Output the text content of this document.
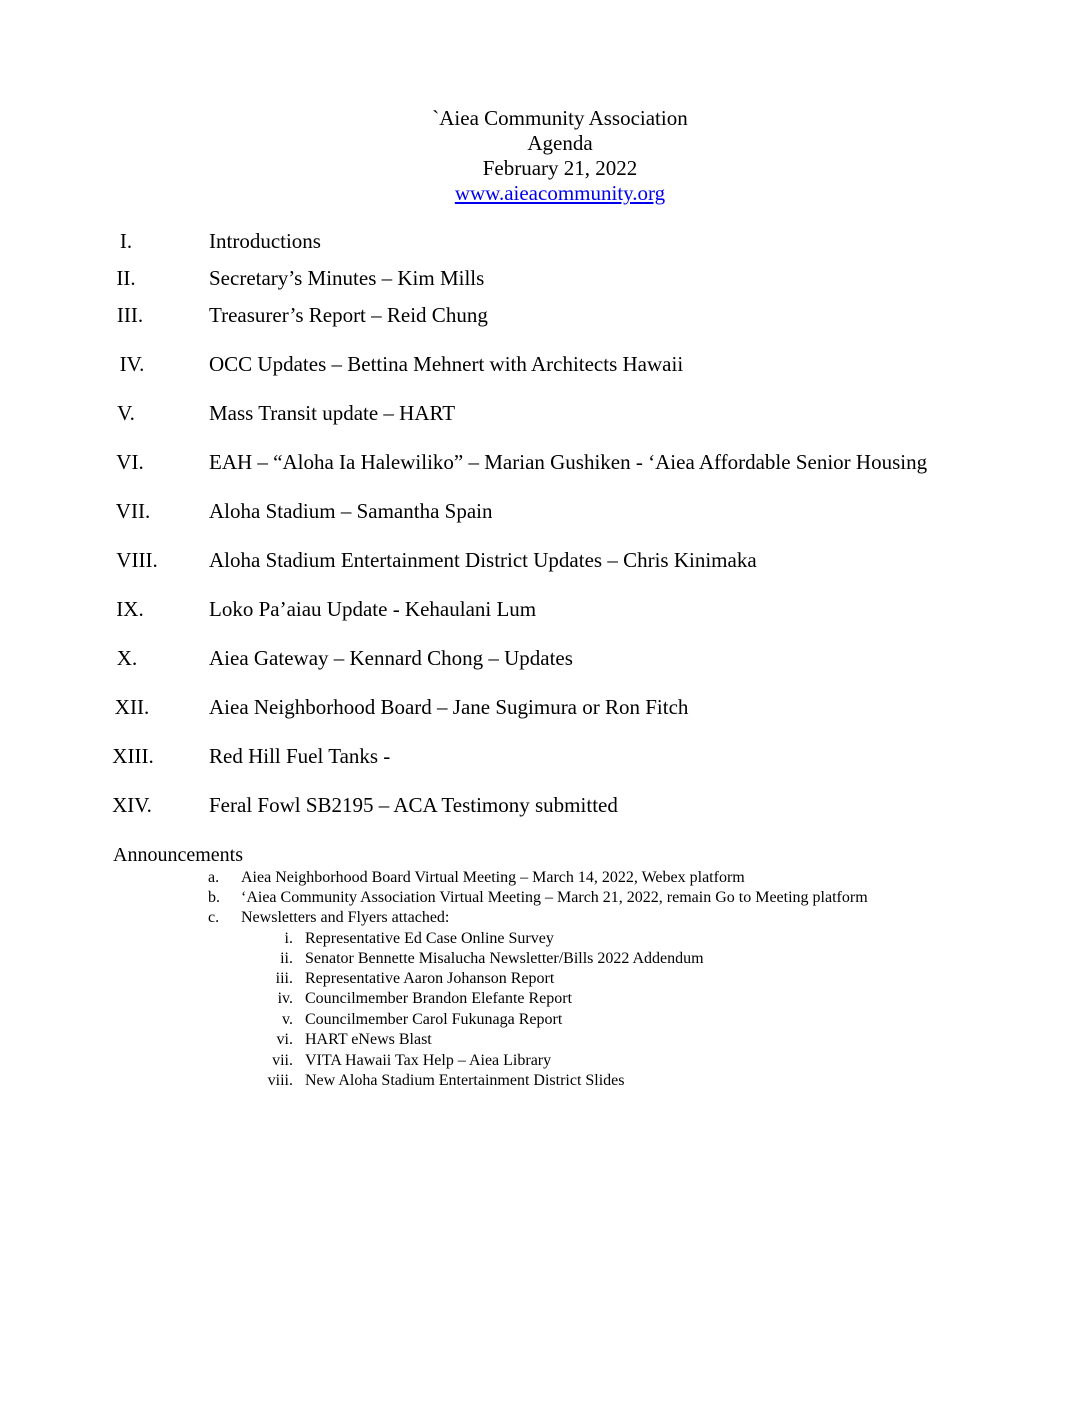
`Aiea Community Association
Agenda
February 21, 2022
www.aieacommunity.org
I.	Introductions
II.	Secretary’s Minutes – Kim Mills
III.	Treasurer’s Report – Reid Chung
IV.	OCC Updates – Bettina Mehnert with Architects Hawaii
V.	Mass Transit update – HART
VI.	EAH – “Aloha Ia Halewiliko” – Marian Gushiken - ‘Aiea Affordable Senior Housing
VII.	Aloha Stadium – Samantha Spain
VIII.	Aloha Stadium Entertainment District Updates – Chris Kinimaka
IX.	Loko Pa’aiau Update - Kehaulani Lum
X.	Aiea Gateway – Kennard Chong – Updates
XII.	Aiea Neighborhood Board – Jane Sugimura or Ron Fitch
XIII.	Red Hill Fuel Tanks -
XIV.	Feral Fowl SB2195 – ACA Testimony submitted
Announcements
a. Aiea Neighborhood Board Virtual Meeting – March 14, 2022, Webex platform
b. ‘Aiea Community Association Virtual Meeting – March 21, 2022, remain Go to Meeting platform
c. Newsletters and Flyers attached:
i. Representative Ed Case Online Survey
ii. Senator Bennette Misalucha Newsletter/Bills 2022 Addendum
iii. Representative Aaron Johanson Report
iv. Councilmember Brandon Elefante Report
v. Councilmember Carol Fukunaga Report
vi. HART eNews Blast
vii. VITA Hawaii Tax Help – Aiea Library
viii. New Aloha Stadium Entertainment District Slides
